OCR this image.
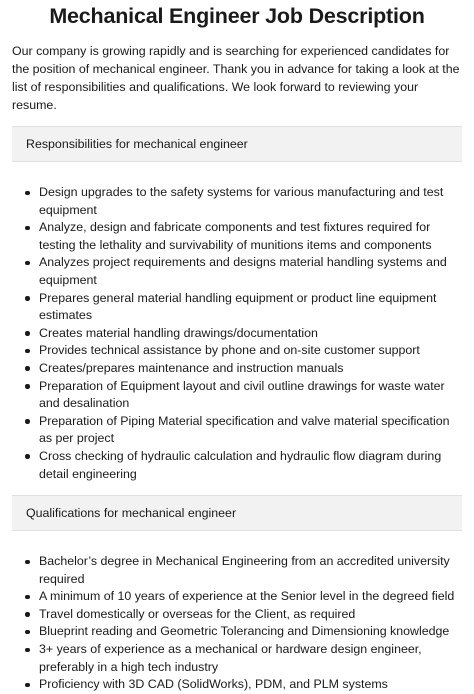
Mechanical Engineer Job Description

Our company is growing rapidly and is searching for experienced candidates for the position of mechanical engineer. Thank you in advance for taking a look at the list of responsibilities and qualifications. We look forward to reviewing your resume.

Responsibilities for mechanical engineer
Design upgrades to the safety systems for various manufacturing and test equipment
Analyze, design and fabricate components and test fixtures required for testing the lethality and survivability of munitions items and components
Analyzes project requirements and designs material handling systems and equipment
Prepares general material handling equipment or product line equipment estimates
Creates material handling drawings/documentation
Provides technical assistance by phone and on-site customer support
Creates/prepares maintenance and instruction manuals
Preparation of Equipment layout and civil outline drawings for waste water and desalination
Preparation of Piping Material specification and valve material specification as per project
Cross checking of hydraulic calculation and hydraulic flow diagram during detail engineering
Qualifications for mechanical engineer
Bachelor’s degree in Mechanical Engineering from an accredited university required
A minimum of 10 years of experience at the Senior level in the degreed field
Travel domestically or overseas for the Client, as required
Blueprint reading and Geometric Tolerancing and Dimensioning knowledge
3+ years of experience as a mechanical or hardware design engineer, preferably in a high tech industry
Proficiency with 3D CAD (SolidWorks), PDM, and PLM systems
